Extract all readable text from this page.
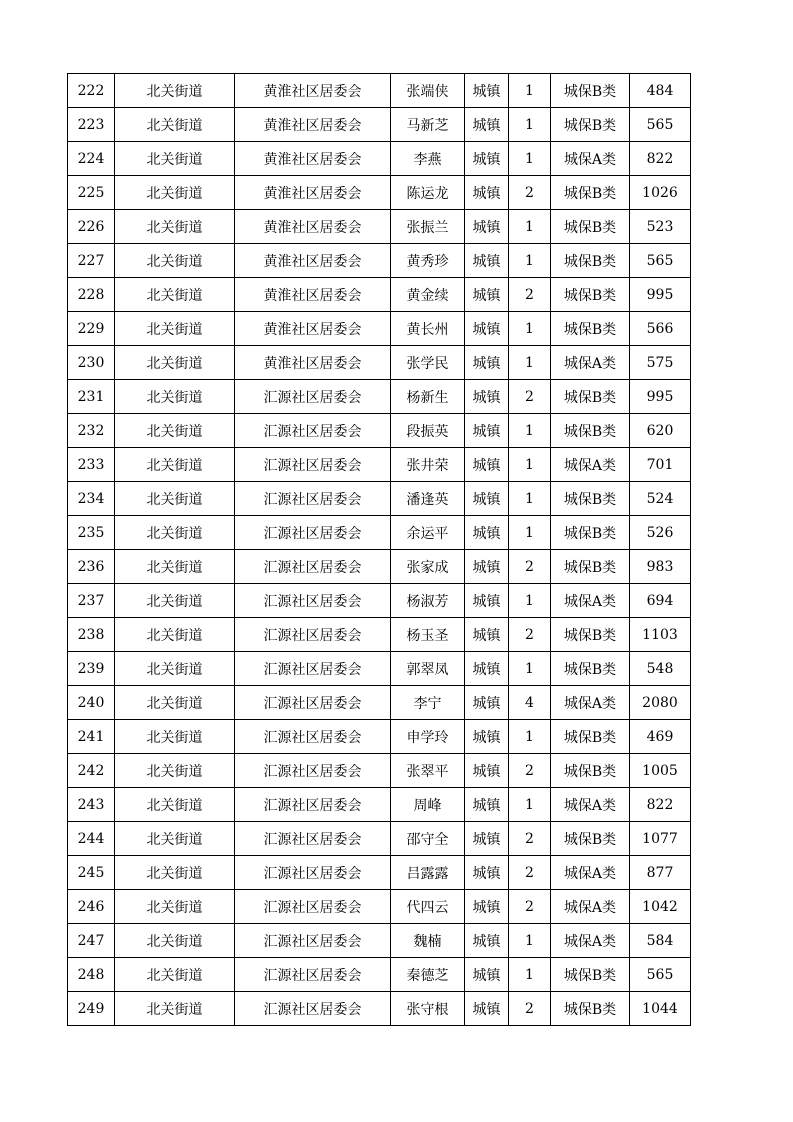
222	北关街道	黄淮社区居委会	张端侠	城镇	1	城保B类	484
223	北关街道	黄淮社区居委会	马新芝	城镇	1	城保B类	565
224	北关街道	黄淮社区居委会	李燕	城镇	1	城保A类	822
225	北关街道	黄淮社区居委会	陈运龙	城镇	2	城保B类	1026
226	北关街道	黄淮社区居委会	张振兰	城镇	1	城保B类	523
227	北关街道	黄淮社区居委会	黄秀珍	城镇	1	城保B类	565
228	北关街道	黄淮社区居委会	黄金续	城镇	2	城保B类	995
229	北关街道	黄淮社区居委会	黄长州	城镇	1	城保B类	566
230	北关街道	黄淮社区居委会	张学民	城镇	1	城保A类	575
231	北关街道	汇源社区居委会	杨新生	城镇	2	城保B类	995
232	北关街道	汇源社区居委会	段振英	城镇	1	城保B类	620
233	北关街道	汇源社区居委会	张井荣	城镇	1	城保A类	701
234	北关街道	汇源社区居委会	潘逢英	城镇	1	城保B类	524
235	北关街道	汇源社区居委会	余运平	城镇	1	城保B类	526
236	北关街道	汇源社区居委会	张家成	城镇	2	城保B类	983
237	北关街道	汇源社区居委会	杨淑芳	城镇	1	城保A类	694
238	北关街道	汇源社区居委会	杨玉圣	城镇	2	城保B类	1103
239	北关街道	汇源社区居委会	郭翠凤	城镇	1	城保B类	548
240	北关街道	汇源社区居委会	李宁	城镇	4	城保A类	2080
241	北关街道	汇源社区居委会	申学玲	城镇	1	城保B类	469
242	北关街道	汇源社区居委会	张翠平	城镇	2	城保B类	1005
243	北关街道	汇源社区居委会	周峰	城镇	1	城保A类	822
244	北关街道	汇源社区居委会	邵守全	城镇	2	城保B类	1077
245	北关街道	汇源社区居委会	吕露露	城镇	2	城保A类	877
246	北关街道	汇源社区居委会	代四云	城镇	2	城保A类	1042
247	北关街道	汇源社区居委会	魏楠	城镇	1	城保A类	584
248	北关街道	汇源社区居委会	秦德芝	城镇	1	城保B类	565
249	北关街道	汇源社区居委会	张守根	城镇	2	城保B类	1044
